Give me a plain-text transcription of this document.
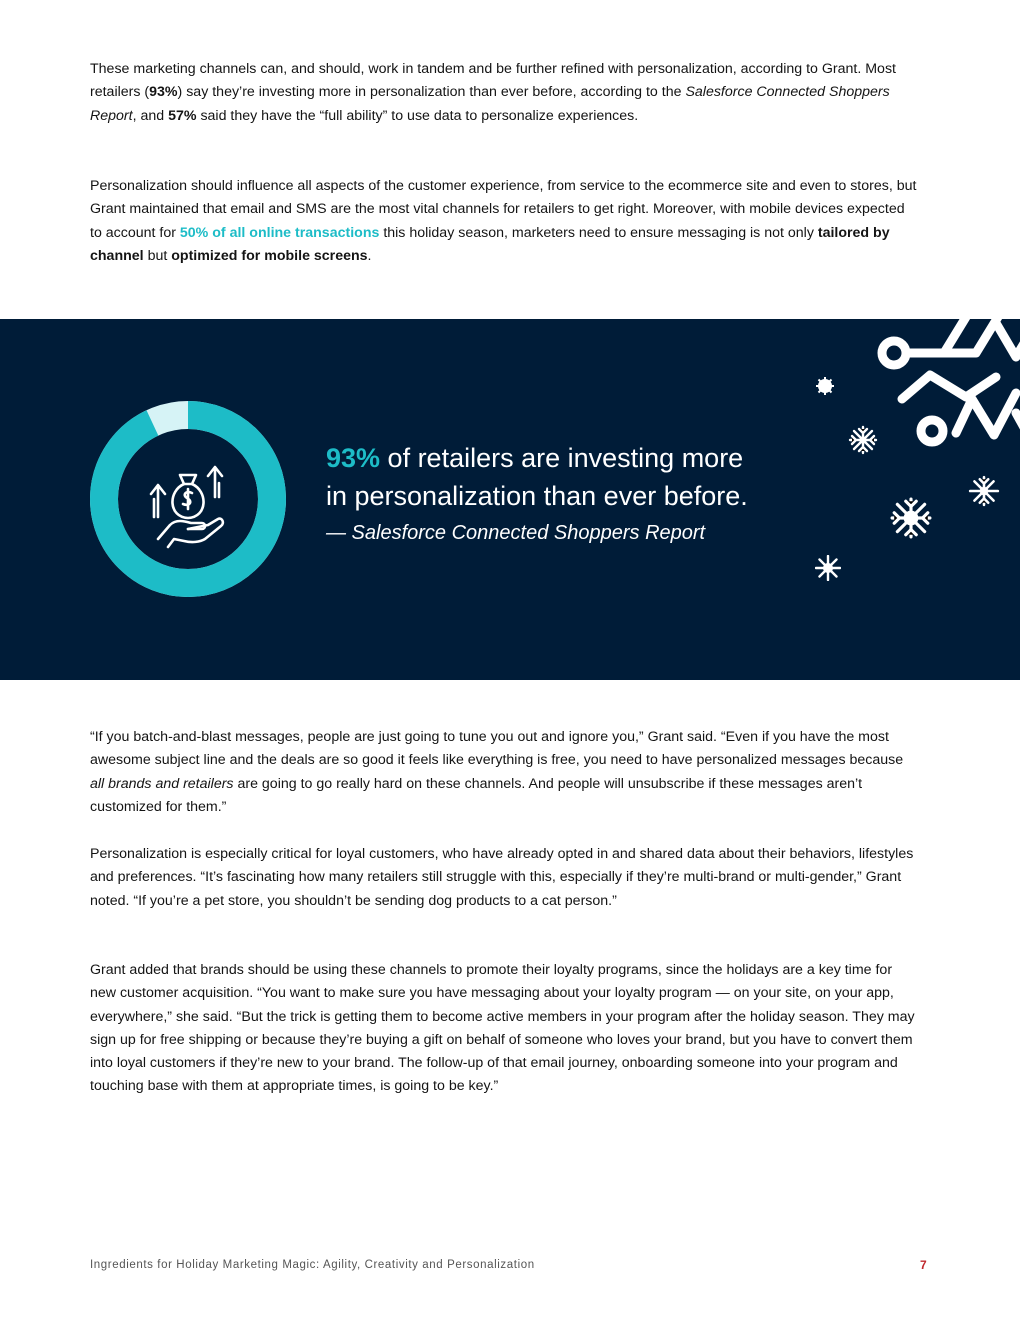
These marketing channels can, and should, work in tandem and be further refined with personalization, according to Grant. Most retailers (93%) say they’re investing more in personalization than ever before, according to the Salesforce Connected Shoppers Report, and 57% said they have the “full ability” to use data to personalize experiences.

Personalization should influence all aspects of the customer experience, from service to the ecommerce site and even to stores, but Grant maintained that email and SMS are the most vital channels for retailers to get right. Moreover, with mobile devices expected to account for 50% of all online transactions this holiday season, marketers need to ensure messaging is not only tailored by channel but optimized for mobile screens.

93% of retailers are investing more
in personalization than ever before.
— Salesforce Connected Shoppers Report

“If you batch-and-blast messages, people are just going to tune you out and ignore you,” Grant said. “Even if you have the most awesome subject line and the deals are so good it feels like everything is free, you need to have personalized messages because all brands and retailers are going to go really hard on these channels. And people will unsubscribe if these messages aren’t customized for them.”

Personalization is especially critical for loyal customers, who have already opted in and shared data about their behaviors, lifestyles and preferences. “It’s fascinating how many retailers still struggle with this, especially if they’re multi-brand or multi-gender,” Grant noted. “If you’re a pet store, you shouldn’t be sending dog products to a cat person.”

Grant added that brands should be using these channels to promote their loyalty programs, since the holidays are a key time for new customer acquisition. “You want to make sure you have messaging about your loyalty program — on your site, on your app, everywhere,” she said. “But the trick is getting them to become active members in your program after the holiday season. They may sign up for free shipping or because they’re buying a gift on behalf of someone who loves your brand, but you have to convert them into loyal customers if they’re new to your brand. The follow-up of that email journey, onboarding someone into your program and touching base with them at appropriate times, is going to be key.”

Ingredients for Holiday Marketing Magic: Agility, Creativity and Personalization	7
